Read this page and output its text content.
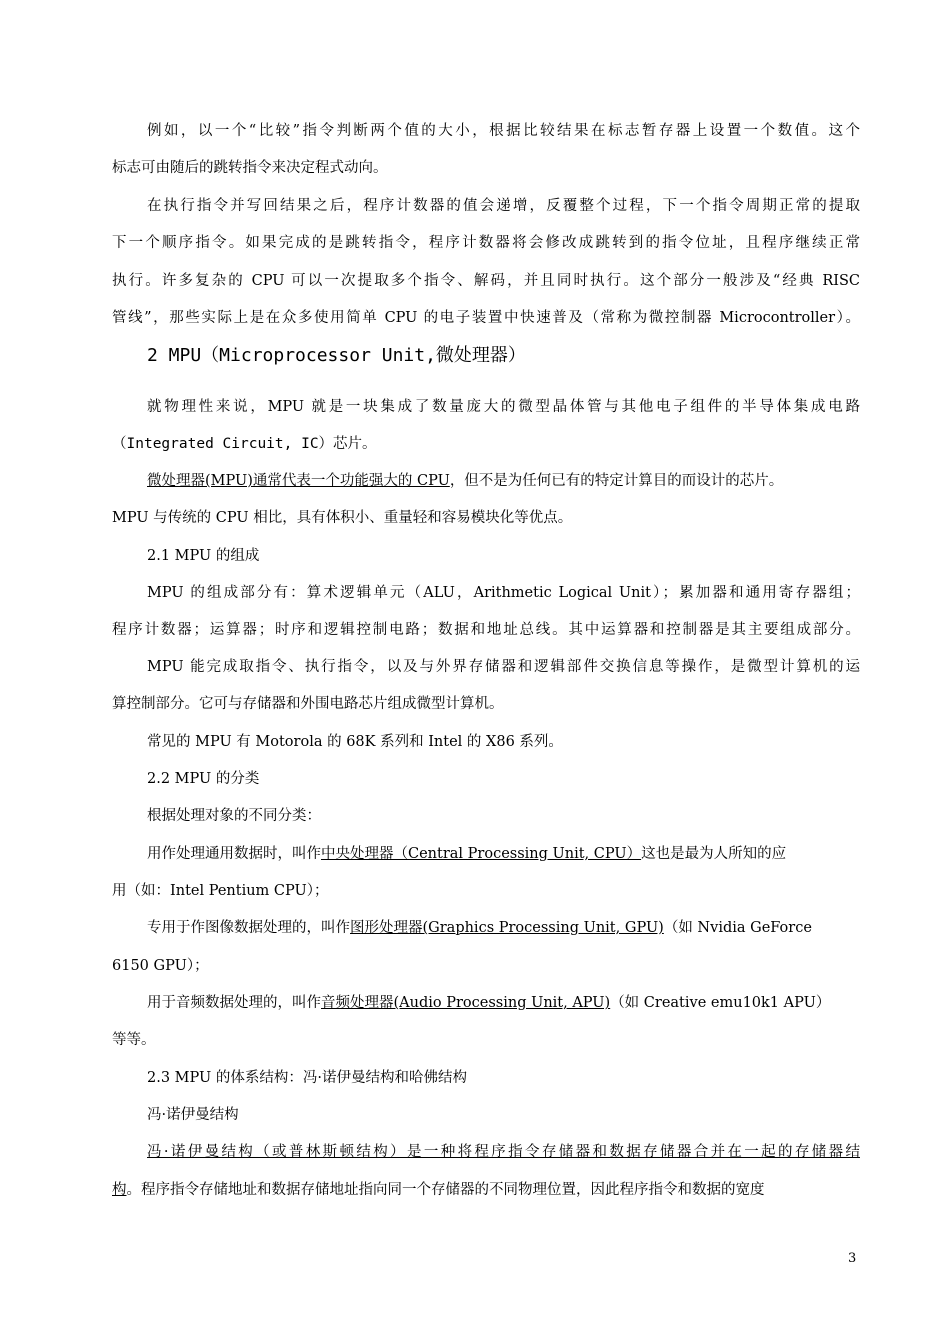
例如，以一个“比较”指令判断两个值的大小，根据比较结果在标志暂存器上设置一个数值。这个
标志可由随后的跳转指令来决定程式动向。
在执行指令并写回结果之后，程序计数器的值会递增，反覆整个过程，下一个指令周期正常的提取
下一个顺序指令。如果完成的是跳转指令，程序计数器将会修改成跳转到的指令位址，且程序继续正常
执行。许多复杂的 CPU 可以一次提取多个指令、解码，并且同时执行。这个部分一般涉及“经典 RISC
管线”，那些实际上是在众多使用简单 CPU 的电子装置中快速普及（常称为微控制器 Microcontroller）。
2 MPU（Microprocessor Unit,微处理器）
就物理性来说，MPU 就是一块集成了数量庞大的微型晶体管与其他电子组件的半导体集成电路
（Integrated Circuit, IC）芯片。
微处理器(MPU)通常代表一个功能强大的 CPU，但不是为任何已有的特定计算目的而设计的芯片。
MPU 与传统的 CPU 相比，具有体积小、重量轻和容易模块化等优点。
2.1 MPU 的组成
MPU 的组成部分有：算术逻辑单元（ALU，Arithmetic Logical Unit）；累加器和通用寄存器组；
程序计数器；运算器；时序和逻辑控制电路；数据和地址总线。其中运算器和控制器是其主要组成部分。
MPU 能完成取指令、执行指令，以及与外界存储器和逻辑部件交换信息等操作，是微型计算机的运
算控制部分。它可与存储器和外围电路芯片组成微型计算机。
常见的 MPU 有 Motorola 的 68K 系列和 Intel 的 X86 系列。
2.2 MPU 的分类
根据处理对象的不同分类：
用作处理通用数据时，叫作中央处理器（Central Processing Unit, CPU）这也是最为人所知的应
用（如：Intel Pentium CPU）；
专用于作图像数据处理的，叫作图形处理器(Graphics Processing Unit, GPU)（如 Nvidia GeForce
6150 GPU）；
用于音频数据处理的，叫作音频处理器(Audio Processing Unit, APU)（如 Creative emu10k1 APU）
等等。
2.3 MPU 的体系结构：冯·诺伊曼结构和哈佛结构
冯·诺伊曼结构
冯·诺伊曼结构（或普林斯顿结构）是一种将程序指令存储器和数据存储器合并在一起的存储器结
构。程序指令存储地址和数据存储地址指向同一个存储器的不同物理位置，因此程序指令和数据的宽度
3
